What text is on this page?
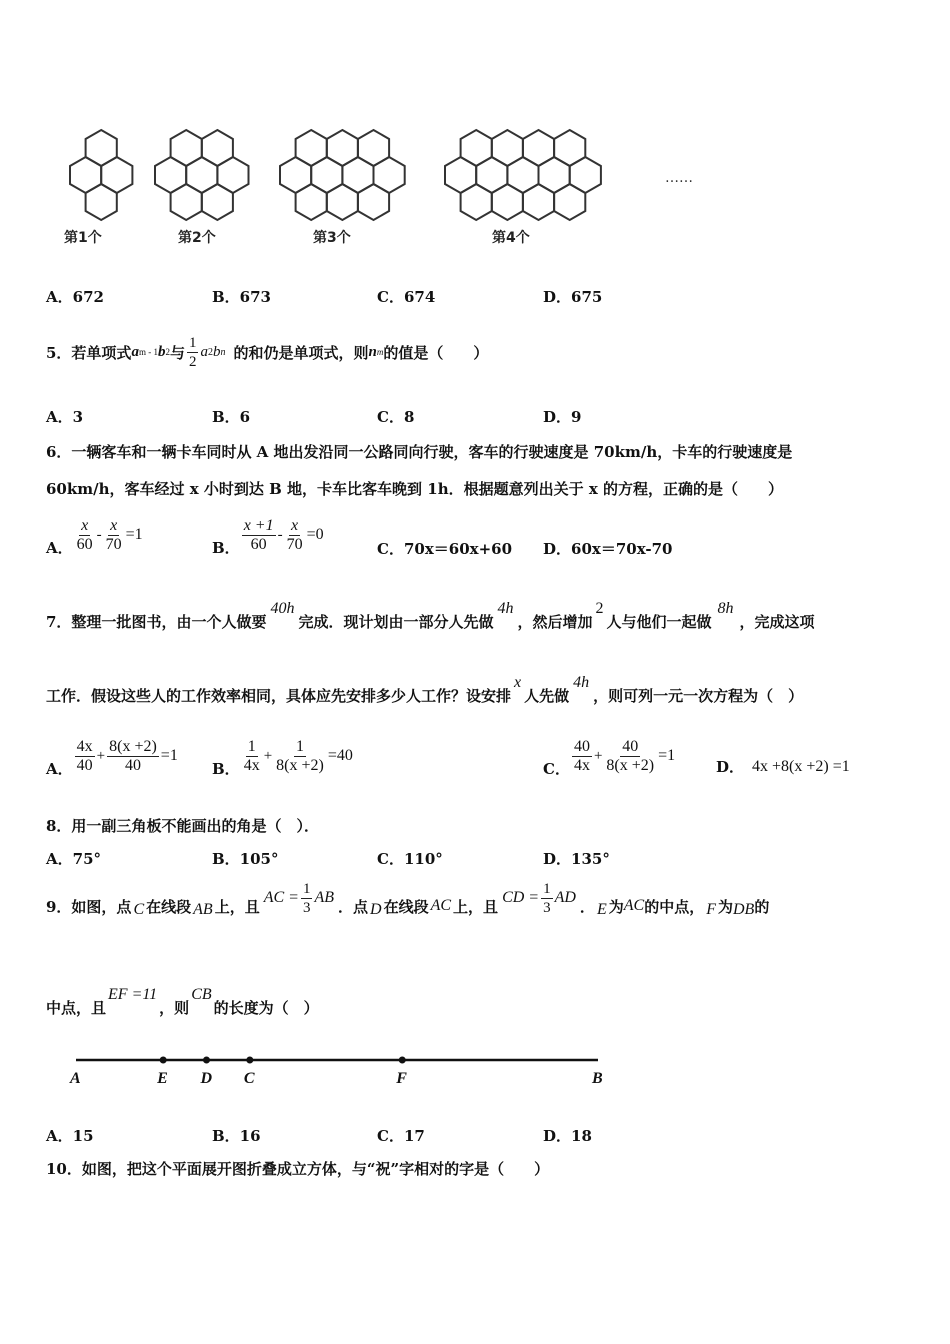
……
第1个	第2个	第3个	第4个
A．672	B．673	C．674	D．675
5．若单项式 a m - 1 b 2 与 $\frac{1}{2}$ a 2 b n 的和仍是单项式，则 n m 的值是（　　）
A．3	B．6	C．8	D．9
6．一辆客车和一辆卡车同时从 A 地出发沿同一公路同向行驶，客车的行驶速度是 70km/h，卡车的行驶速度是
60km/h，客车经过 x 小时到达 B 地，卡车比客车晚到 1h．根据题意列出关于 x 的方程，正确的是（　　）
A． $\frac{x}{60} - \frac{x}{70} =1$
B． $\frac{x +1}{60} - \frac{x}{70} =0$
C．70x＝60x+60 D．60x＝70x-70
7．整理一批图书，由一个人做要
40h
完成．现计划由一部分人先做
4h
，然后增加
2
人与他们一起做
8h
，完成这项
工作．假设这些人的工作效率相同，具体应先安排多少人工作？设安排
x
人先做
4h
，则可列一元一次方程为（　）
A． $\frac{4x}{40} + \frac{8(x +2)}{40} =1$
B． $\frac{1}{4x} + \frac{1}{8(x +2)} =40$
C． $\frac{40}{4x} + \frac{40}{8(x +2)} =1$
D． 4x +8(x +2) =1
8．用一副三角板不能画出的角是（　）．
A．75°	B．105°	C．110°	D．135°
9．如图，点 C 在线段 AB 上，且 AC = $\frac{1}{3}$ AB ．点 D 在线段 AC 上，且 CD = $\frac{1}{3}$ AD ． E 为 AC 的中点， F 为 DB 的
中点，且
EF =11
，则
CB
的长度为（　）
A	E D C	F	B
A．15	B．16	C．17	D．18
10．如图，把这个平面展开图折叠成立方体，与“祝”字相对的字是（　　）
